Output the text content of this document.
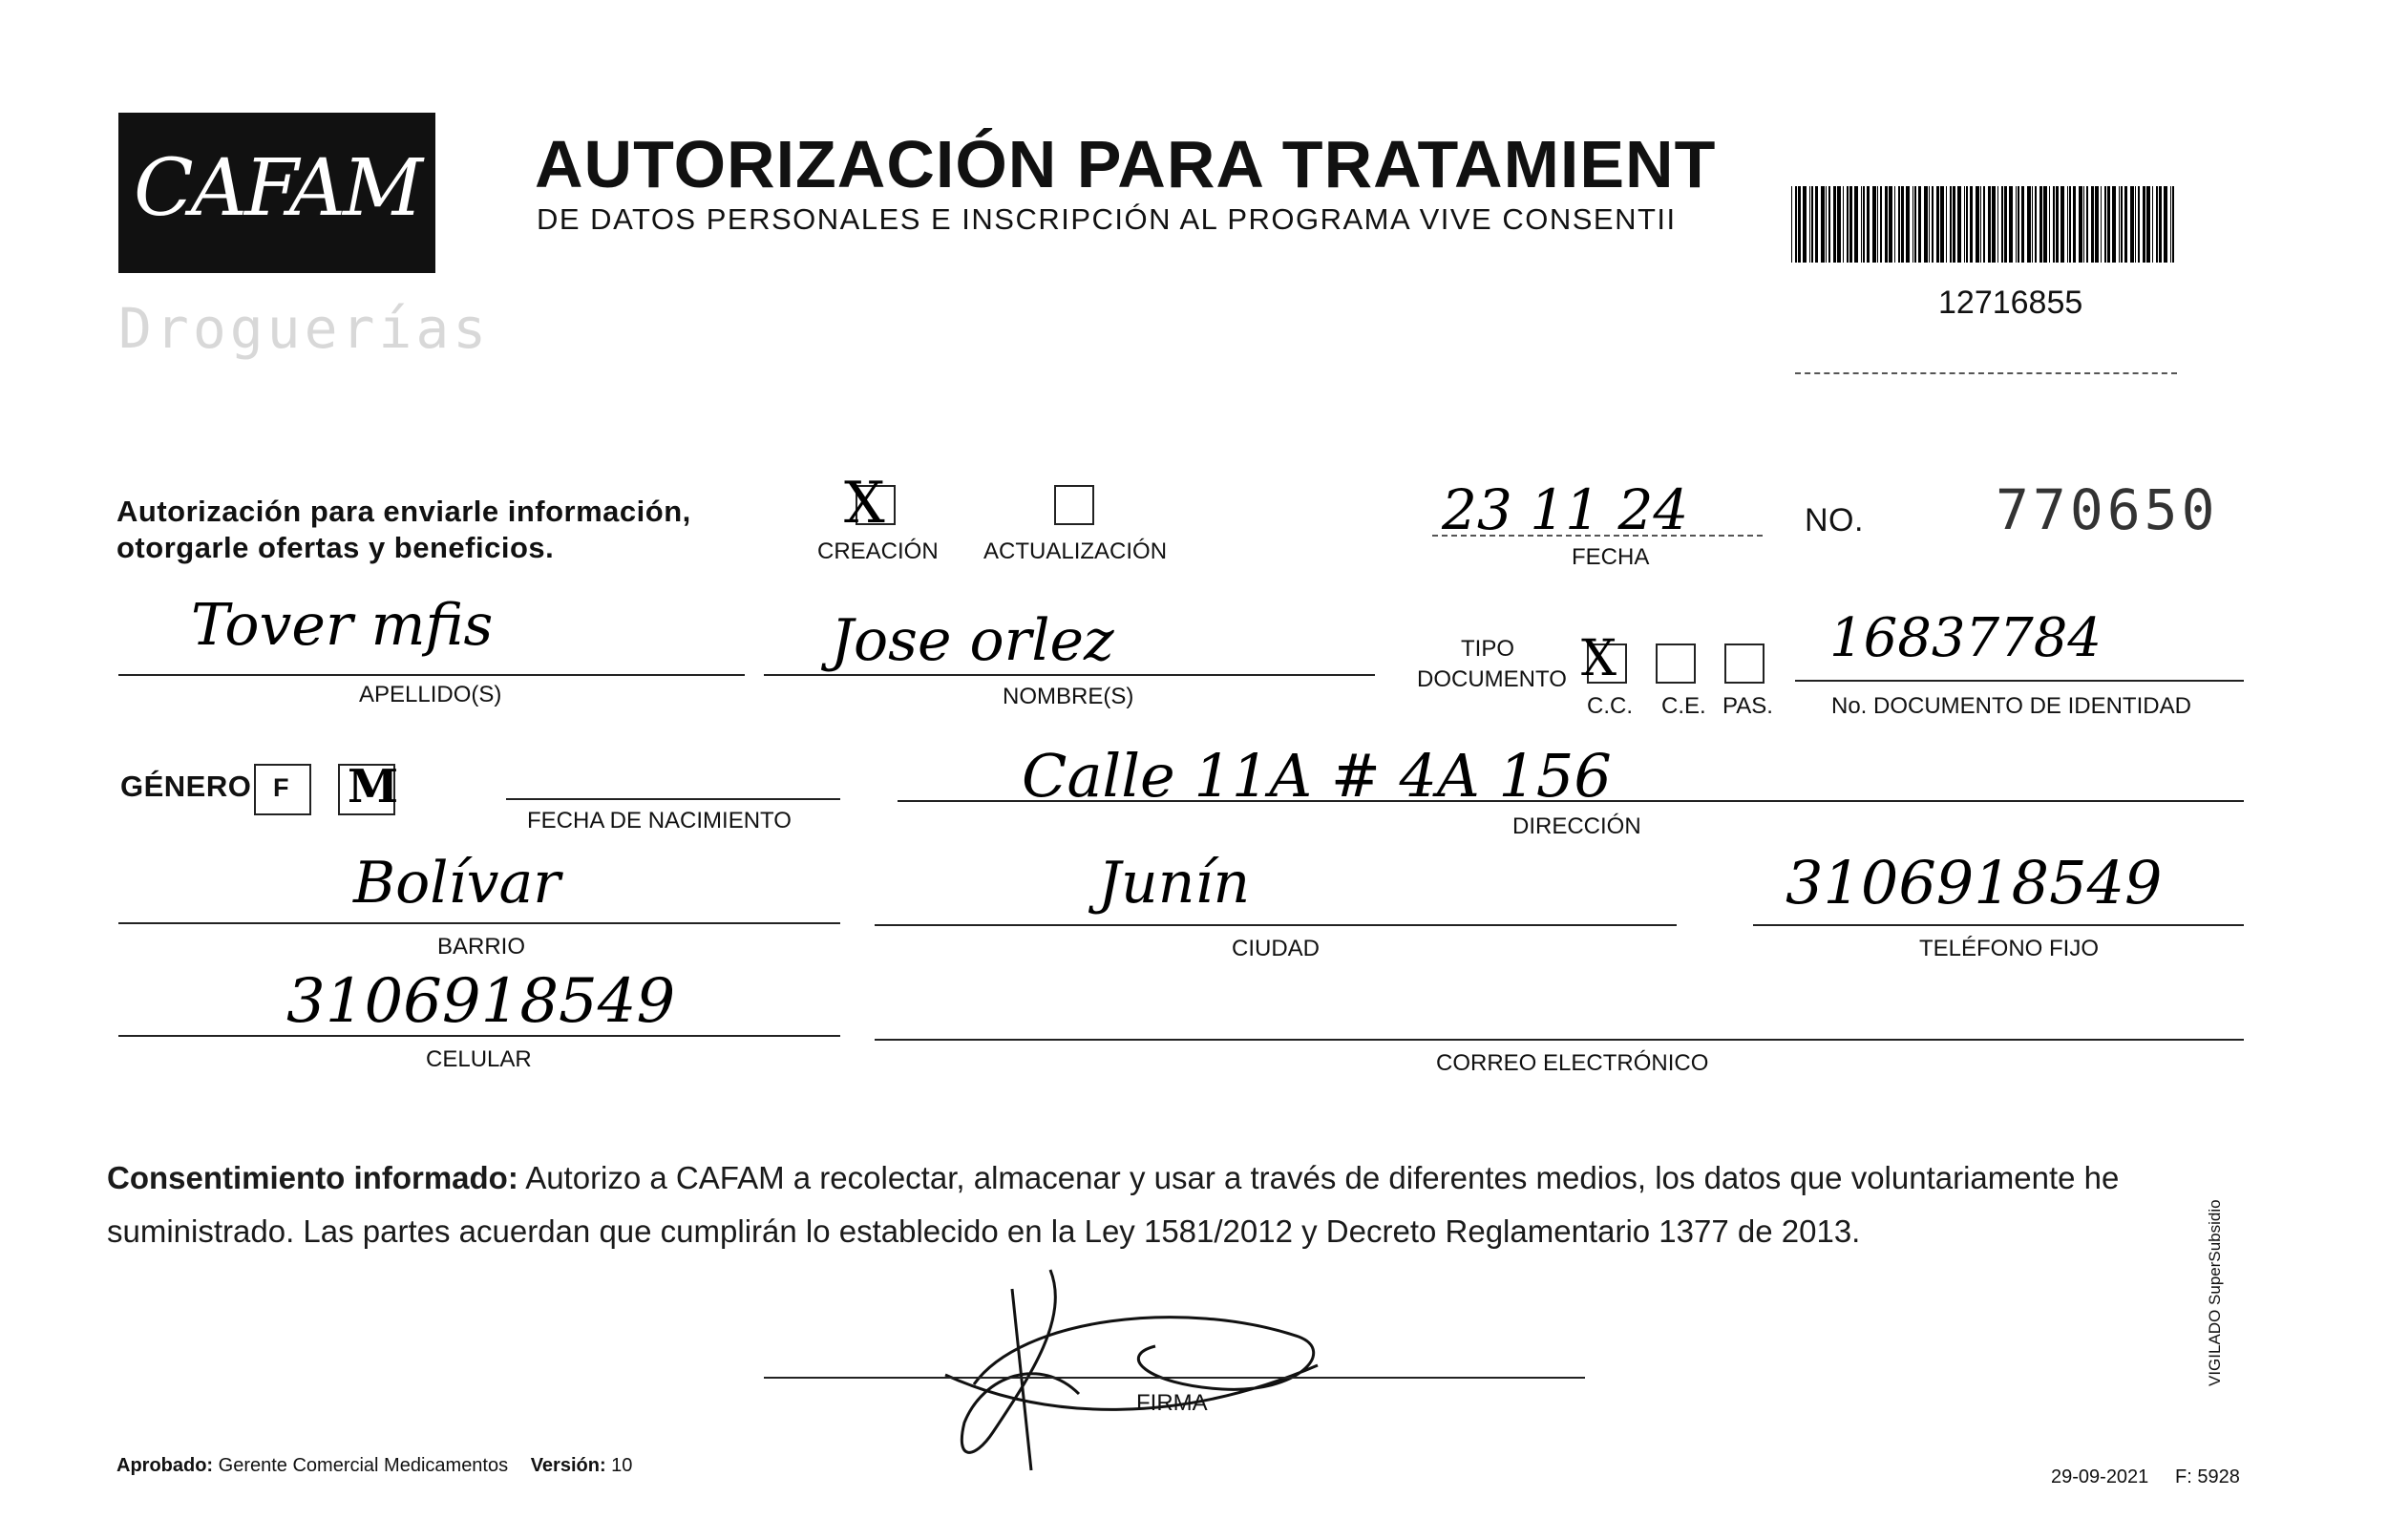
CAFAM
Droguerías
AUTORIZACIÓN PARA TRATAMIENT
DE DATOS PERSONALES E INSCRIPCIÓN AL PROGRAMA VIVE CONSENTII
12716855
Autorización para enviarle información,
otorgarle ofertas y beneficios.
X
CREACIÓN ACTUALIZACIÓN
23 11 24
FECHA
NO. 770650
Tover mfis
APELLIDO(S)
Jose orlez
NOMBRE(S)
TIPO
DOCUMENTO X
C.C. C.E. PAS.
16837784
No. DOCUMENTO DE IDENTIDAD
GÉNERO F M
FECHA DE NACIMIENTO
Calle 11A # 4A 156
DIRECCIÓN
Bolívar
BARRIO
Junín
CIUDAD
3106918549
TELÉFONO FIJO
3106918549
CELULAR	CORREO ELECTRÓNICO
Consentimiento informado: Autorizo a CAFAM a recolectar, almacenar y usar a través de diferentes medios, los datos que voluntariamente he suministrado. Las partes acuerdan que cumplirán lo establecido en la Ley 1581/2012 y Decreto Reglamentario 1377 de 2013.
FIRMA
Aprobado: Gerente Comercial Medicamentos Versión: 10
29-09-2021 F: 5928
VIGILADO SuperSubsidio
